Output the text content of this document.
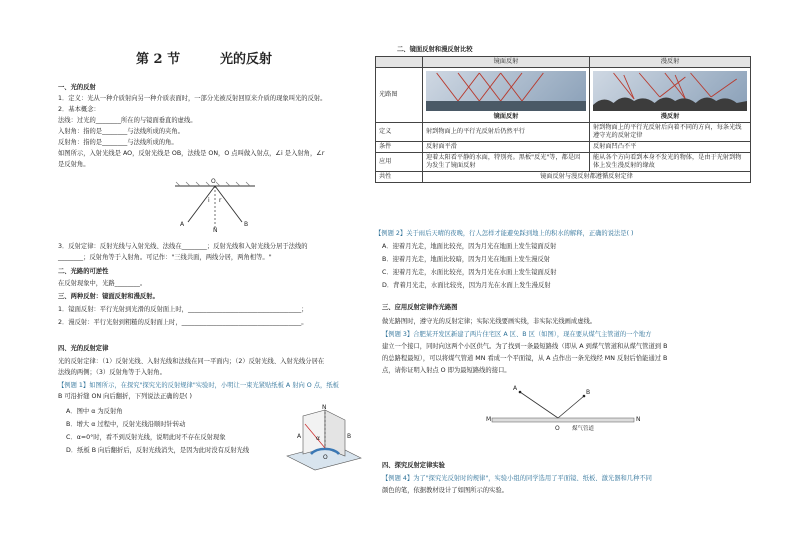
第 2 节	光的反射
一、光的反射
1．定义：光从一种介质射向另一种介质表面时，一部分光被反射回原来介质的现象叫光的反射。
2．基本概念：
法线：过光的________所在的与镜面垂直的虚线。
入射角：指的是________与法线所成的夹角。
反射角：指的是________与法线所成的角。
如图所示，入射光线是 AO，反射光线是 OB，法线是 ON，O 点叫做入射点，∠i 是入射角，∠r
是反射角。
A
O
B
N
i r
3．反射定律：反射光线与入射光线、法线在________；反射光线和入射光线分居于法线的
________；反射角等于入射角。可记作："三线共面，两线分居，两角相等。"
二、光路的可逆性
在反射现象中，光路________。
三、两种反射：镜面反射和漫反射。
1．镜面反射：平行光射到光滑的反射面上时，____________________________________；
2．漫反射：平行光射到粗糙的反射面上时，______________________________________。
四、光的反射定律
光的反射定律：（1）反射光线、入射光线和法线在同一平面内；（2）反射光线、入射光线分居在
法线的两侧；（3）反射角等于入射角。
【例题 1】如图所示，在探究"探究光的反射规律"实验时，小明让一束光紧贴纸板 A 射向 O 点，纸板
B 可沿折缝 ON 向后翻折，下列说法正确的是( )
A．图中 α 为反射角
B．增大 α 过程中，反射光线沿顺时针转动
C．α=0°时，看不到反射光线，说明此时不存在反射现象
D．纸板 B 向后翻折后，反射光线消失，是因为此时没有反射光线
A	B
N
O
α
二、镜面反射和漫反射比较
	镜面反射	漫反射
光路图	镜面反射	漫反射

定义	射到物面上的平行光反射后仍然平行	射到物面上的平行光反射后向着不同的方向，每条光线遵守光的反射定律
条件	反射面平滑	反射面凹凸不平
应用	迎着太阳看平静的水面，特别亮。黑板"反光"等，都是因为发生了镜面反射	能从各个方向看到本身不发光的物体，是由于光射到物体上发生漫反射的缘故
共性	镜面反射与漫反射都遵循反射定律	
【例题 2】关于雨后天晴的夜晚，行人怎样才能避免踩到地上的积水的解释，正确的说法是( )
A．迎着月光走，地面比较亮，因为月光在地面上发生镜面反射
B．迎着月光走，地面比较暗，因为月光在地面上发生漫反射
C．迎着月光走，水面比较亮，因为月光在水面上发生镜面反射
D．背着月光走，水面比较亮，因为月光在水面上发生漫反射
三、应用反射定律作光路图
做光路图时，遵守光的反射定律；实际光线要画实线，非实际光线画成虚线。
【例题 3】合肥某开发区新建了两片住宅区 A 区、B 区（如图），现在要从煤气主管道的一个地方
建立一个接口，同时向这两个小区供气。为了找到一条最短路线（即从 A 到煤气管道和从煤气管道到 B
的总路程最短），可以将煤气管道 MN 看成一个平面镜，从 A 点作出一条光线经 MN 反射后恰能通过 B
点，请你证明入射点 O 即为最短路线的接口。
A
B
M	N
O 煤气管道
四、探究反射定律实验
【例题 4】为了"探究光反射时的规律"，实验小组的同学选用了平面镜、纸板、激光器和几种不同
颜色的笔，依据教材设计了如图所示的实验。
